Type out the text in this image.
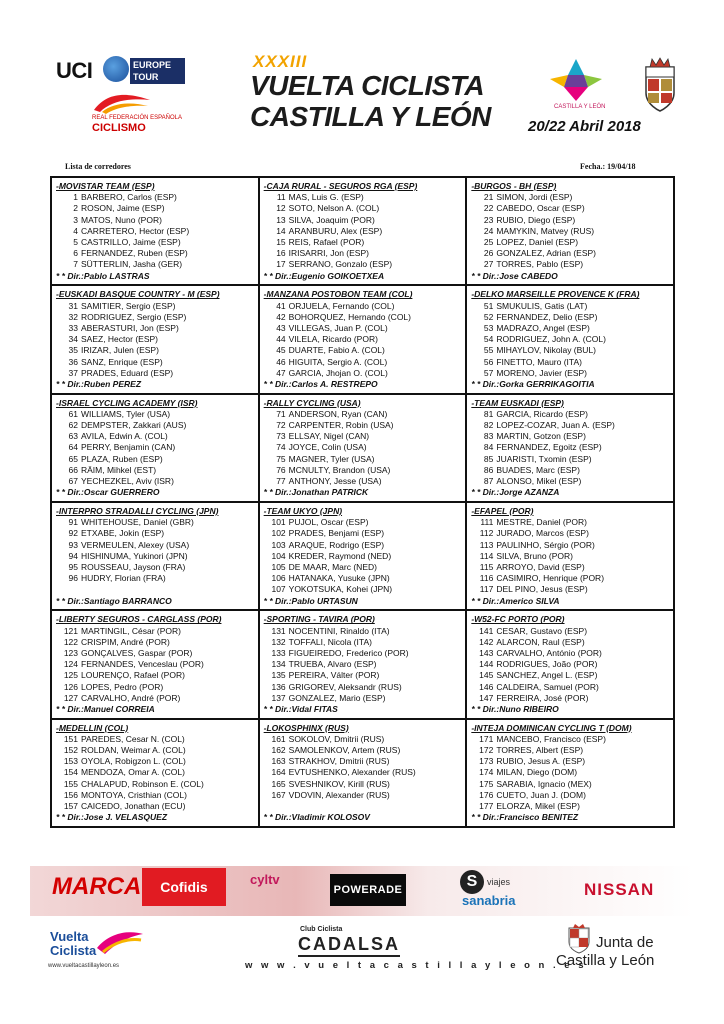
UCI	EUROPE TOUR
REAL FEDERACIÓN ESPAÑOLA
CICLISMO
XXXIII
VUELTA CICLISTA
CASTILLA Y LEÓN 20/22 Abril 2018
CASTILLA Y LEÓN
Lista de corredores	Fecha.: 19/04/18
-MOVISTAR TEAM (ESP)
1 BARBERO, Carlos (ESP)
2 ROSON, Jaime (ESP)
3 MATOS, Nuno (POR)
4 CARRETERO, Hector (ESP)
5 CASTRILLO, Jaime (ESP)
6 FERNANDEZ, Ruben (ESP)
7 SÜTTERLIN, Jasha (GER)
* * Dir.:Pablo LASTRAS
-CAJA RURAL - SEGUROS RGA (ESP)
11 MAS, Luis G. (ESP)
12 SOTO, Nelson A. (COL)
13 SILVA, Joaquim (POR)
14 ARANBURU, Alex (ESP)
15 REIS, Rafael (POR)
16 IRISARRI, Jon (ESP)
17 SERRANO, Gonzalo (ESP)
* * Dir.:Eugenio GOIKOETXEA
-BURGOS - BH (ESP)
21 SIMON, Jordi (ESP)
22 CABEDO, Oscar (ESP)
23 RUBIO, Diego (ESP)
24 MAMYKIN, Matvey (RUS)
25 LOPEZ, Daniel (ESP)
26 GONZALEZ, Adrian (ESP)
27 TORRES, Pablo (ESP)
* * Dir.:Jose CABEDO
-EUSKADI BASQUE COUNTRY - M (ESP)
31 SAMITIER, Sergio (ESP)
32 RODRIGUEZ, Sergio (ESP)
33 ABERASTURI, Jon (ESP)
34 SAEZ, Hector (ESP)
35 IRIZAR, Julen (ESP)
36 SANZ, Enrique (ESP)
37 PRADES, Eduard (ESP)
* * Dir.:Ruben PEREZ
-MANZANA POSTOBON TEAM (COL)
41 ORJUELA, Fernando (COL)
42 BOHORQUEZ, Hernando (COL)
43 VILLEGAS, Juan P. (COL)
44 VILELA, Ricardo (POR)
45 DUARTE, Fabio A. (COL)
46 HIGUITA, Sergio A. (COL)
47 GARCIA, Jhojan O. (COL)
* * Dir.:Carlos A. RESTREPO
-DELKO MARSEILLE PROVENCE K (FRA)
51 SMUKULIS, Gatis (LAT)
52 FERNANDEZ, Delio (ESP)
53 MADRAZO, Angel (ESP)
54 RODRIGUEZ, John A. (COL)
55 MIHAYLOV, Nikolay (BUL)
56 FINETTO, Mauro (ITA)
57 MORENO, Javier (ESP)
* * Dir.:Gorka GERRIKAGOITIA
-ISRAEL CYCLING ACADEMY (ISR)
61 WILLIAMS, Tyler (USA)
62 DEMPSTER, Zakkari (AUS)
63 AVILA, Edwin A. (COL)
64 PERRY, Benjamin (CAN)
65 PLAZA, Ruben (ESP)
66 RÄIM, Mihkel (EST)
67 YECHEZKEL, Aviv (ISR)
* * Dir.:Oscar GUERRERO
-RALLY CYCLING (USA)
71 ANDERSON, Ryan (CAN)
72 CARPENTER, Robin (USA)
73 ELLSAY, Nigel (CAN)
74 JOYCE, Colin (USA)
75 MAGNER, Tyler (USA)
76 MCNULTY, Brandon (USA)
77 ANTHONY, Jesse (USA)
* * Dir.:Jonathan PATRICK
-TEAM EUSKADI (ESP)
81 GARCIA, Ricardo (ESP)
82 LOPEZ-COZAR, Juan A. (ESP)
83 MARTIN, Gotzon (ESP)
84 FERNANDEZ, Egoitz (ESP)
85 JUARISTI, Txomin (ESP)
86 BUADES, Marc (ESP)
87 ALONSO, Mikel (ESP)
* * Dir.:Jorge AZANZA
-INTERPRO STRADALLI CYCLING (JPN)
91 WHITEHOUSE, Daniel (GBR)
92 ETXABE, Jokin (ESP)
93 VERMEULEN, Alexey (USA)
94 HISHINUMA, Yukinori (JPN)
95 ROUSSEAU, Jayson (FRA)
96 HUDRY, Florian (FRA)

* * Dir.:Santiago BARRANCO
-TEAM UKYO (JPN)
101 PUJOL, Oscar (ESP)
102 PRADES, Benjami (ESP)
103 ARAQUE, Rodrigo (ESP)
104 KREDER, Raymond (NED)
105 DE MAAR, Marc (NED)
106 HATANAKA, Yusuke (JPN)
107 YOKOTSUKA, Kohei (JPN)
* * Dir.:Pablo URTASUN
-EFAPEL (POR)
111 MESTRE, Daniel (POR)
112 JURADO, Marcos (ESP)
113 PAULINHO, Sérgio (POR)
114 SILVA, Bruno (POR)
115 ARROYO, David (ESP)
116 CASIMIRO, Henrique (POR)
117 DEL PINO, Jesus (ESP)
* * Dir.:Americo SILVA
-LIBERTY SEGUROS - CARGLASS (POR)
121 MARTINGIL, César (POR)
122 CRISPIM, André (POR)
123 GONÇALVES, Gaspar (POR)
124 FERNANDES, Venceslau (POR)
125 LOURENÇO, Rafael (POR)
126 LOPES, Pedro (POR)
127 CARVALHO, André (POR)
* * Dir.:Manuel CORREIA
-SPORTING - TAVIRA (POR)
131 NOCENTINI, Rinaldo (ITA)
132 TOFFALI, Nicola (ITA)
133 FIGUEIREDO, Frederico (POR)
134 TRUEBA, Alvaro (ESP)
135 PEREIRA, Válter (POR)
136 GRIGOREV, Aleksandr (RUS)
137 GONZALEZ, Mario (ESP)
* * Dir.:Vidal FITAS
-W52-FC PORTO (POR)
141 CESAR, Gustavo (ESP)
142 ALARCON, Raul (ESP)
143 CARVALHO, António (POR)
144 RODRIGUES, João (POR)
145 SANCHEZ, Angel L. (ESP)
146 CALDEIRA, Samuel (POR)
147 FERREIRA, José (POR)
* * Dir.:Nuno RIBEIRO
-MEDELLIN (COL)
151 PAREDES, Cesar N. (COL)
152 ROLDAN, Weimar A. (COL)
153 OYOLA, Robigzon L. (COL)
154 MENDOZA, Omar A. (COL)
155 CHALAPUD, Robinson E. (COL)
156 MONTOYA, Cristhian (COL)
157 CAICEDO, Jonathan (ECU)
* * Dir.:Jose J. VELASQUEZ
-LOKOSPHINX (RUS)
161 SOKOLOV, Dmitrii (RUS)
162 SAMOLENKOV, Artem (RUS)
163 STRAKHOV, Dmitrii (RUS)
164 EVTUSHENKO, Alexander (RUS)
165 SVESHNIKOV, Kirill (RUS)
167 VDOVIN, Alexander (RUS)

* * Dir.:Vladimir KOLOSOV
-INTEJA DOMINICAN CYCLING T (DOM)
171 MANCEBO, Francisco (ESP)
172 TORRES, Albert (ESP)
173 RUBIO, Jesus A. (ESP)
174 MILAN, Diego (DOM)
175 SARABIA, Ignacio (MEX)
176 CUETO, Juan J. (DOM)
177 ELORZA, Mikel (ESP)
* * Dir.:Francisco BENITEZ
MARCA	Cofidis	cyltv
POWERADE	S	viajes
sanabria
NISSAN
Vuelta
Ciclista
www.vueltacastillayleon.es
Club Ciclista
CADALSA
w w w . v u e l t a c a s t i l l a y l e o n . e s
Junta de
Castilla y León
